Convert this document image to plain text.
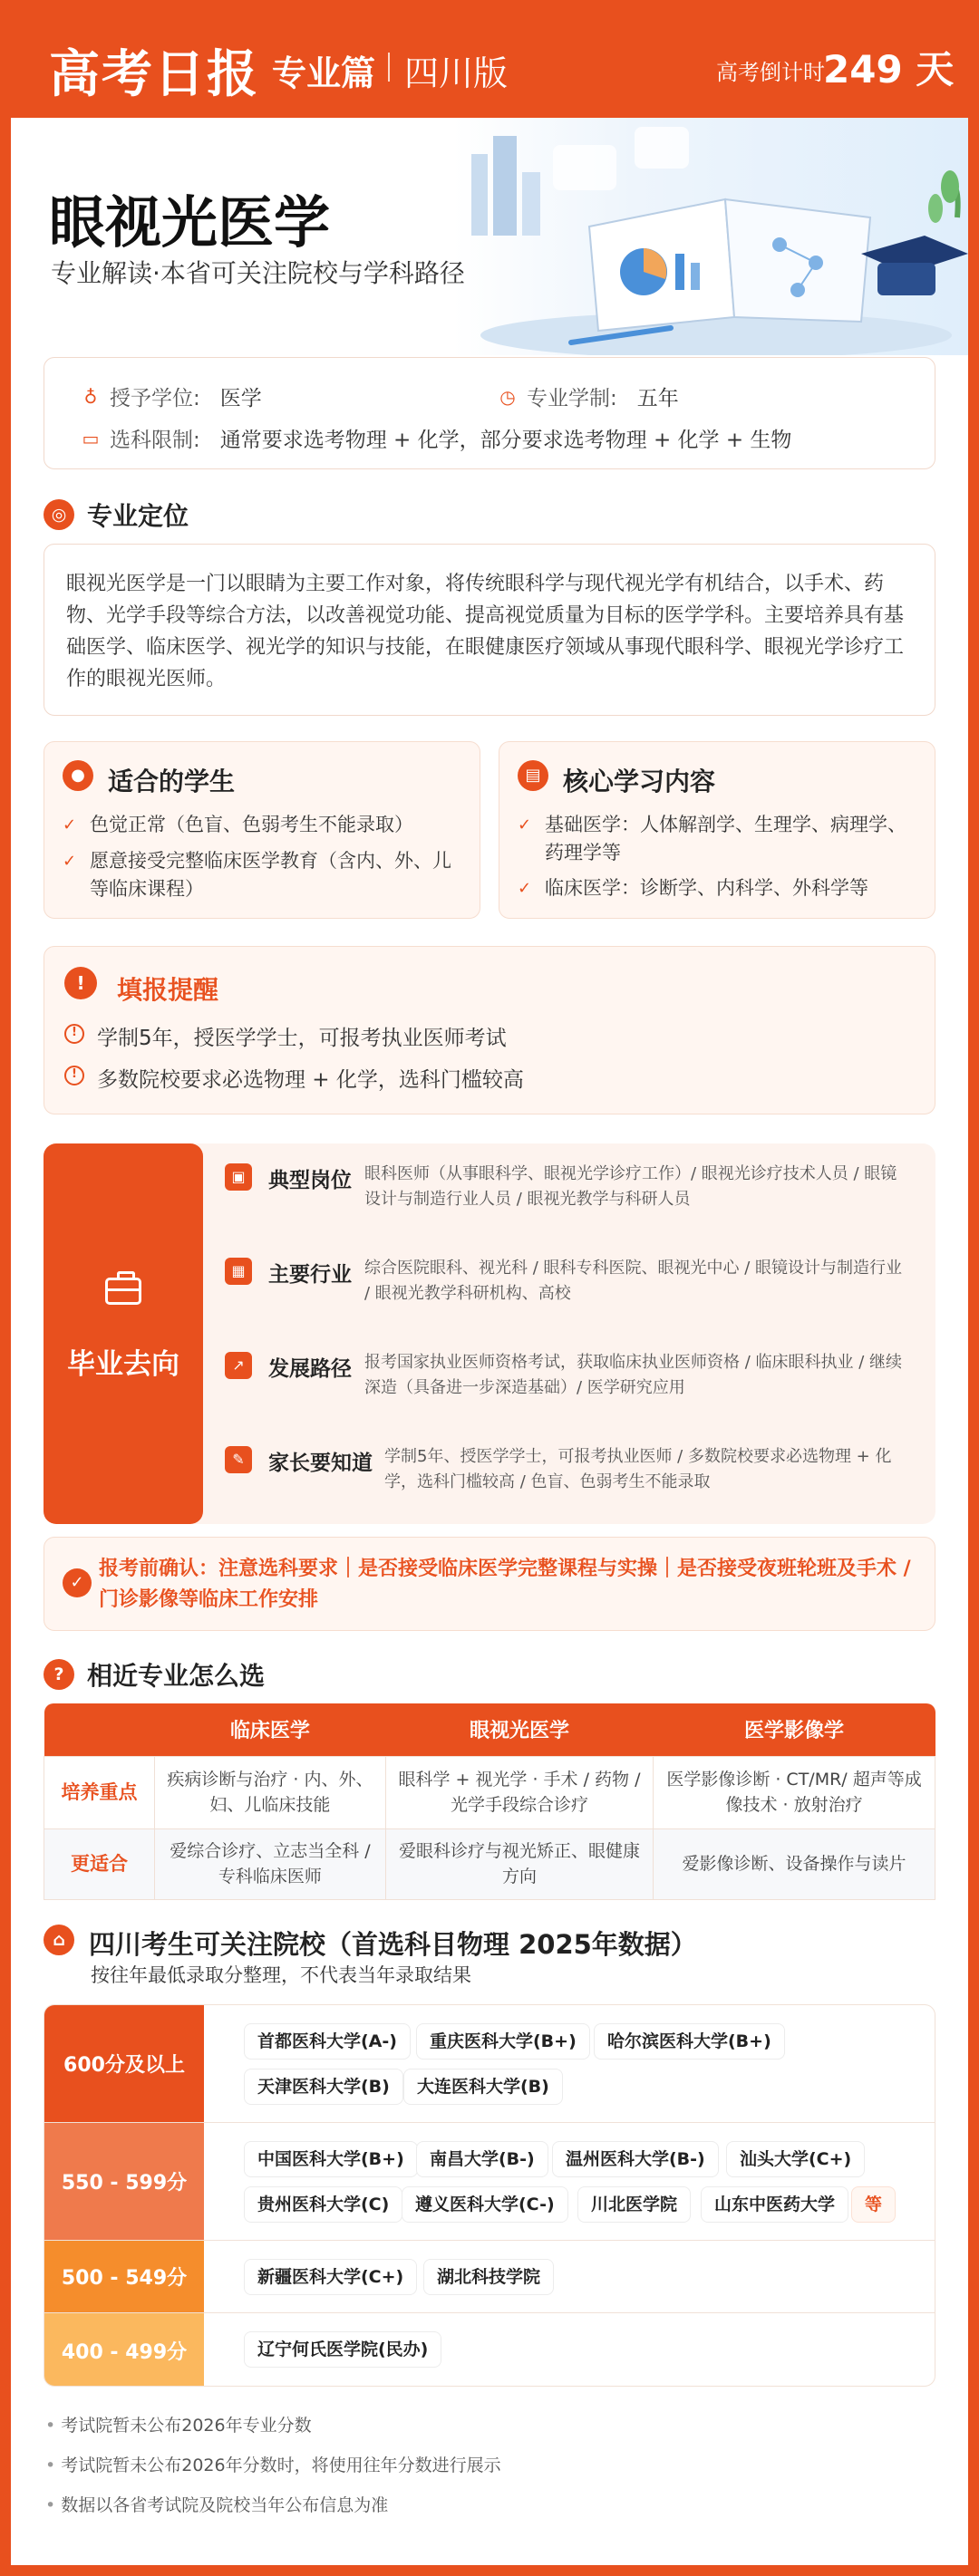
高考日报 专业篇 四川版	高考倒计时
249 天
眼视光医学
专业解读·本省可关注院校与学科路径
♁ 授予学位: 医学	◷ 专业学制: 五年
▭ 选科限制: 通常要求选考物理 + 化学，部分要求选考物理 + 化学 + 生物
◎ 专业定位
眼视光医学是一门以眼睛为主要工作对象，将传统眼科学与现代视光学有机结合，以手术、药物、光学手段等综合方法，以改善视觉功能、提高视觉质量为目标的医学学科。主要培养具有基础医学、临床医学、视光学的知识与技能，在眼健康医疗领域从事现代眼科学、眼视光学诊疗工作的眼视光医师。
● 适合的学生
✓ 色觉正常（色盲、色弱考生不能录取）
✓ 愿意接受完整临床医学教育（含内、外、儿等临床课程）
▤ 核心学习内容
✓ 基础医学：人体解剖学、生理学、病理学、药理学等
✓ 临床医学：诊断学、内科学、外科学等
!	填报提醒
! 学制5年，授医学学士，可报考执业医师考试
! 多数院校要求必选物理 + 化学，选科门槛较高
毕业去向
▣	典型岗位 眼科医师（从事眼科学、眼视光学诊疗工作）/ 眼视光诊疗技术人员 / 眼镜设计与制造行业人员 / 眼视光教学与科研人员
▦	主要行业 综合医院眼科、视光科 / 眼科专科医院、眼视光中心 / 眼镜设计与制造行业 / 眼视光教学科研机构、高校
↗	发展路径 报考国家执业医师资格考试，获取临床执业医师资格 / 临床眼科执业 / 继续深造（具备进一步深造基础）/ 医学研究应用
✎	家长要知道 学制5年、授医学学士，可报考执业医师 / 多数院校要求必选物理 + 化学，选科门槛较高 / 色盲、色弱考生不能录取
✓
报考前确认：注意选科要求｜是否接受临床医学完整课程与实操｜是否接受夜班轮班及手术 / 门诊影像等临床工作安排
? 相近专业怎么选
	临床医学	眼视光医学	医学影像学
培养重点	疾病诊断与治疗 · 内、外、妇、儿临床技能	眼科学 + 视光学 · 手术 / 药物 / 光学手段综合诊疗	医学影像诊断 · CT/MR/ 超声等成像技术 · 放射治疗
更适合	爱综合诊疗、立志当全科 / 专科临床医师	爱眼科诊疗与视光矫正、眼健康方向	爱影像诊断、设备操作与读片
⌂ 四川考生可关注院校（首选科目物理 2025年数据）
按往年最低录取分整理，不代表当年录取结果
600分及以上
首都医科大学(A-)	重庆医科大学(B+)	哈尔滨医科大学(B+)
天津医科大学(B)	大连医科大学(B)
550 - 599分
中国医科大学(B+)	南昌大学(B-)	温州医科大学(B-)	汕头大学(C+)
贵州医科大学(C)	遵义医科大学(C-)	川北医学院	山东中医药大学	等
500 - 549分	新疆医科大学(C+)	湖北科技学院
400 - 499分	辽宁何氏医学院(民办)
• 考试院暂未公布2026年专业分数
• 考试院暂未公布2026年分数时，将使用往年分数进行展示
• 数据以各省考试院及院校当年公布信息为准
